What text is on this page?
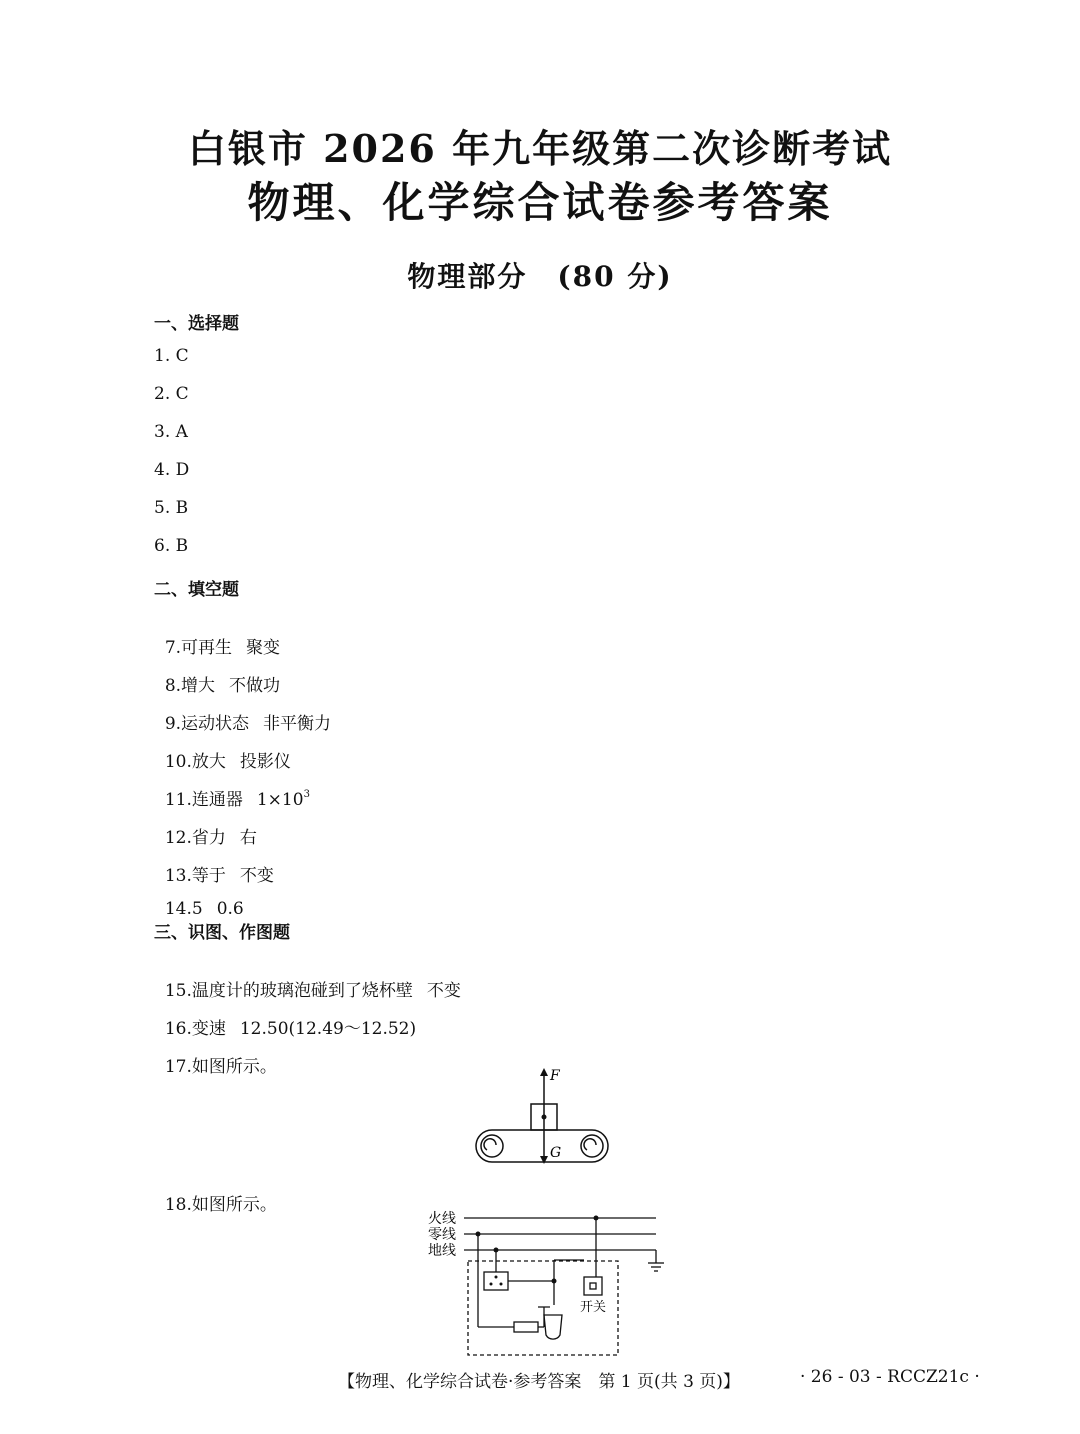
白银市 2026 年九年级第二次诊断考试
物理、化学综合试卷参考答案
物理部分　(80 分)
一、选择题
1. C
2. C
3. A
4. D
5. B
6. B
二、填空题

7.可再生 聚变

8.增大 不做功

9.运动状态 非平衡力

10.放大 投影仪

11.连通器 $1\times 10^3$

12.省力 右

13.等于 不变

14.5 0.6

三、识图、作图题

15.温度计的玻璃泡碰到了烧杯壁 不变

16.变速 12.50(12.49～12.52)

17.如图所示。	F
G

18.如图所示。

火线
零线
地线
开关
【物理、化学综合试卷·参考答案　第 1 页(共 3 页)】	· 26 - 03 - RCCZ21c ·
